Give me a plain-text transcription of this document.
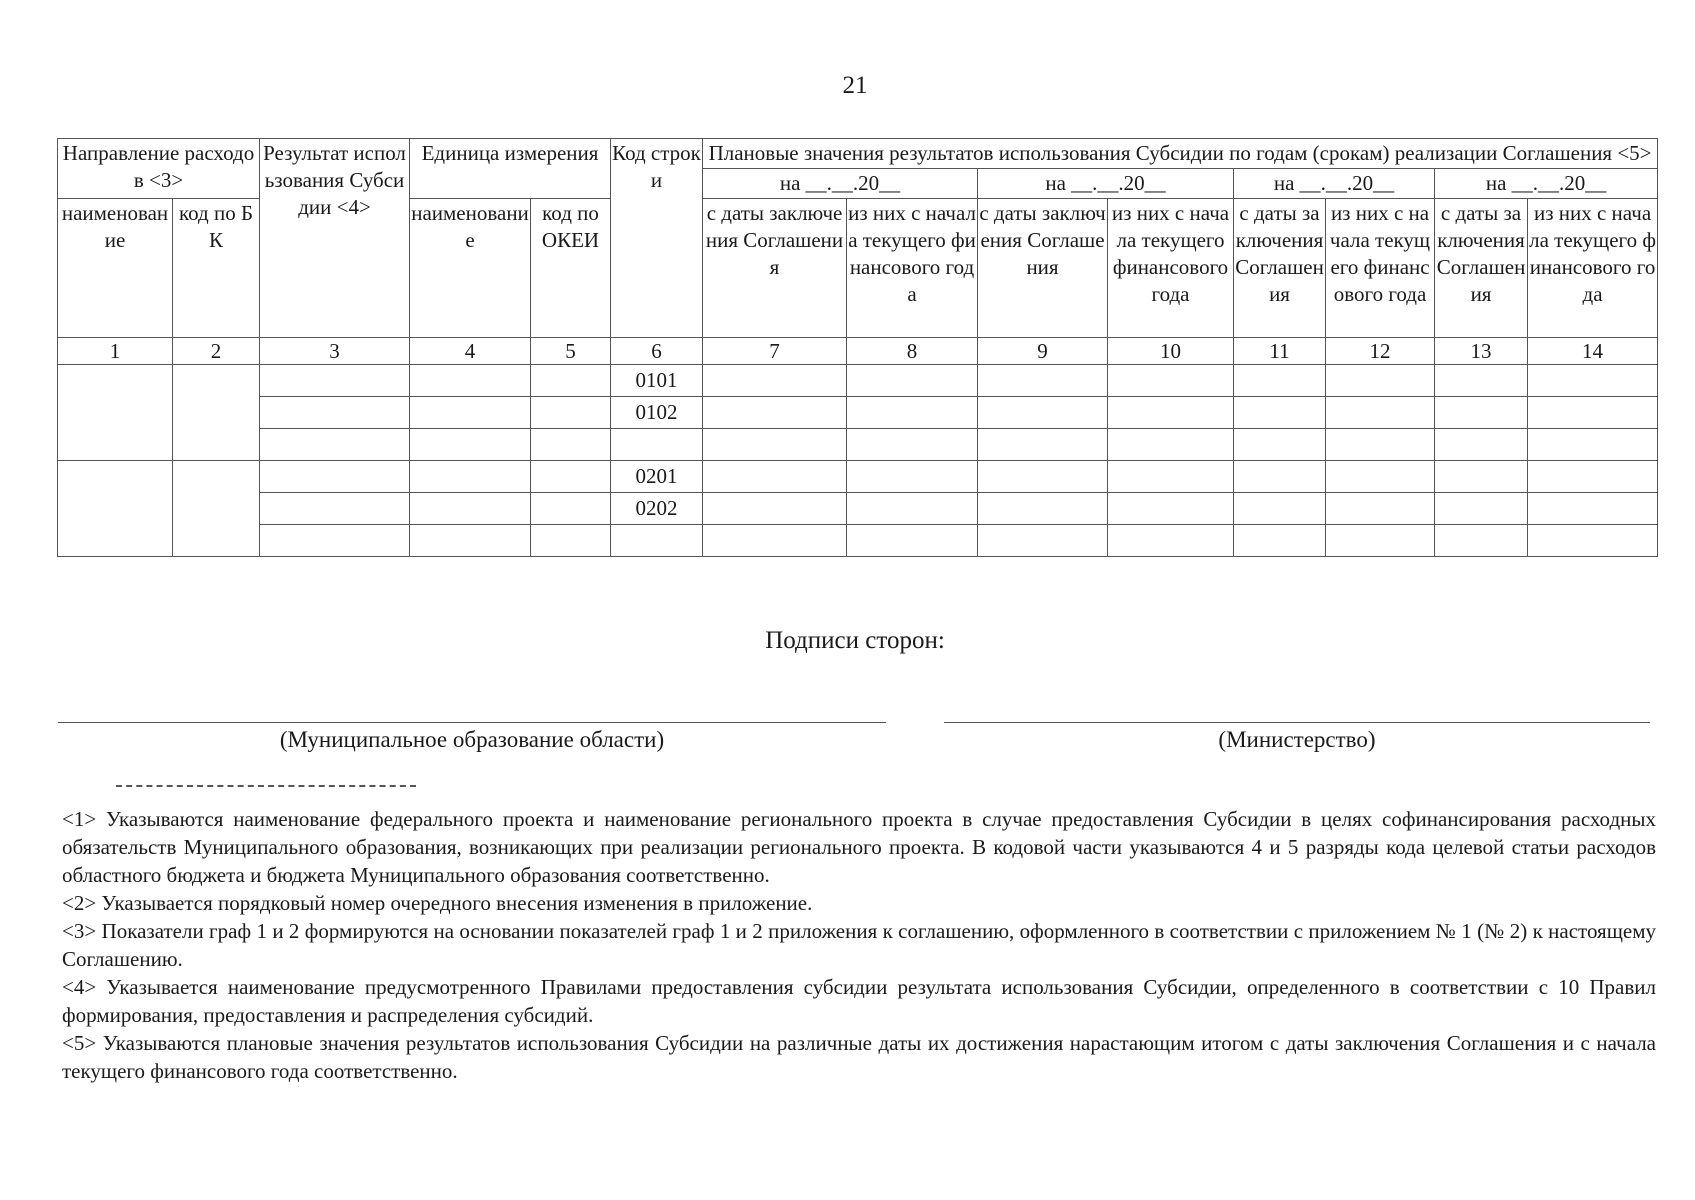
21
Направление расходов <3>		Результат использования Субсидии <4>	Единица измерения		Код строки	Плановые значения результатов использования Субсидии по годам (срокам) реализации Соглашения <5>							
						на __.__.20__		на __.__.20__		на __.__.20__		на __.__.20__	
наименование	код по БК		наименование	код по ОКЕИ		с даты заключения Соглашения	из них с начала текущего финансового года	с даты заключения Соглашения	из них с начала текущего финансового года	с даты заключения Соглашения	из них с начала текущего финансового года	с даты заключения Соглашения	из них с начала текущего финансового года
1	2	3	4	5	6	7	8	9	10	11	12	13	14
					0101								
					0102								

					0201								
					0202								

Подписи сторон:
(Муниципальное образование области)	(Министерство)

<1> Указываются наименование федерального проекта и наименование регионального проекта в случае предоставления Субсидии в целях софинансирования расходных обязательств Муниципального образования, возникающих при реализации регионального проекта. В кодовой части указываются 4 и 5 разряды кода целевой статьи расходов областного бюджета и бюджета Муниципального образования соответственно.

<2> Указывается порядковый номер очередного внесения изменения в приложение.

<3> Показатели граф 1 и 2 формируются на основании показателей граф 1 и 2 приложения к соглашению, оформленного в соответствии с приложением № 1 (№ 2) к настоящему Соглашению.

<4> Указывается наименование предусмотренного Правилами предоставления субсидии результата использования Субсидии, определенного в соответствии с 10 Правил формирования, предоставления и распределения субсидий.

<5> Указываются плановые значения результатов использования Субсидии на различные даты их достижения нарастающим итогом с даты заключения Соглашения и с начала текущего финансового года соответственно.
